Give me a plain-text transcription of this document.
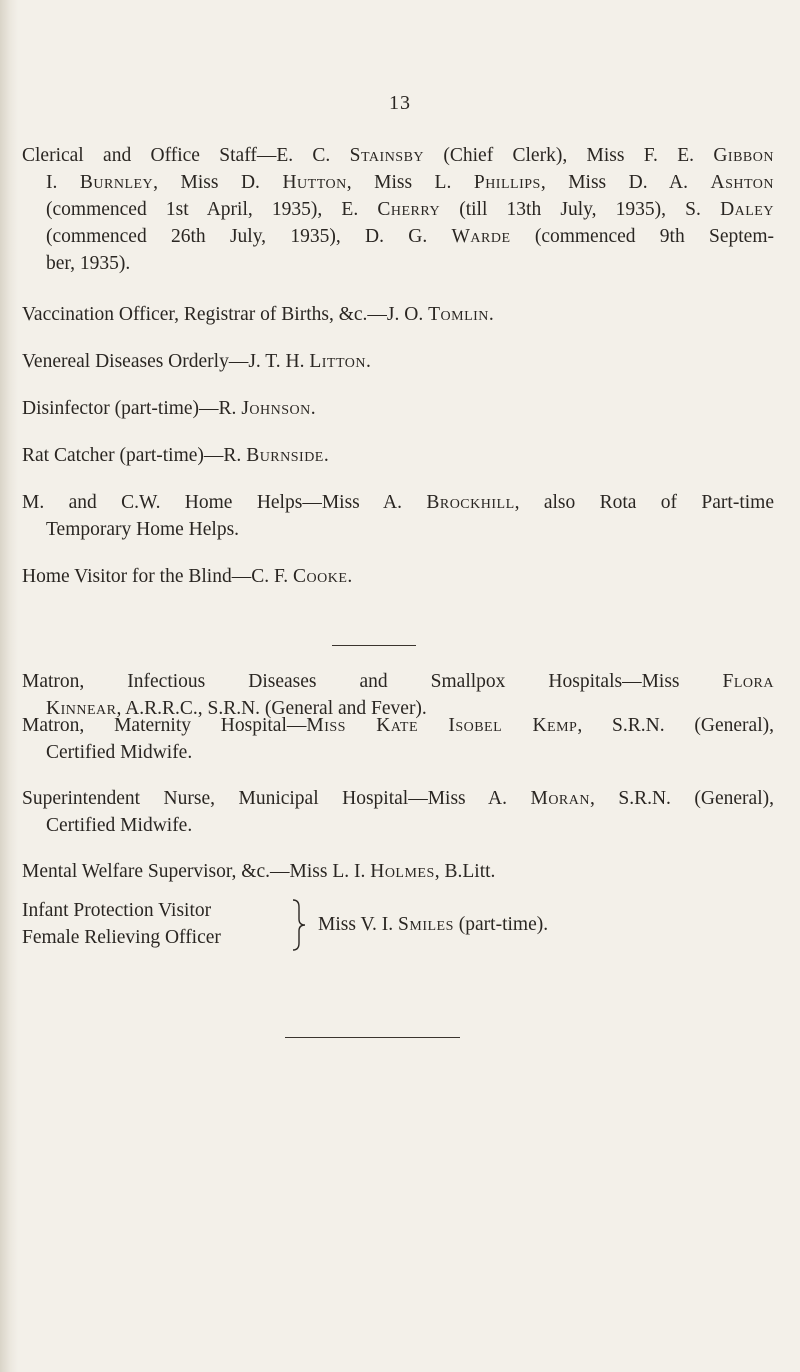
13
Clerical and Office Staff—E. C. Stainsby (Chief Clerk), Miss F. E. Gibbon
I. Burnley, Miss D. Hutton, Miss L. Phillips, Miss D. A. Ashton
(commenced 1st April, 1935), E. Cherry (till 13th July, 1935), S. Daley
(commenced 26th July, 1935), D. G. Warde (commenced 9th Septem-
ber, 1935).
Vaccination Officer, Registrar of Births, &c.—J. O. Tomlin.
Venereal Diseases Orderly—J. T. H. Litton.
Disinfector (part-time)—R. Johnson.
Rat Catcher (part-time)—R. Burnside.
M. and C.W. Home Helps—Miss A. Brockhill, also Rota of Part-time
Temporary Home Helps.
Home Visitor for the Blind—C. F. Cooke.
Matron, Infectious Diseases and Smallpox Hospitals—Miss Flora
Kinnear, A.R.R.C., S.R.N. (General and Fever).
Matron, Maternity Hospital—Miss Kate Isobel Kemp, S.R.N. (General),
Certified Midwife.
Superintendent Nurse, Municipal Hospital—Miss A. Moran, S.R.N. (General),
Certified Midwife.
Mental Welfare Supervisor, &c.—Miss L. I. Holmes, B.Litt.
Infant Protection Visitor
Female Relieving Officer
Miss V. I. Smiles (part-time).
